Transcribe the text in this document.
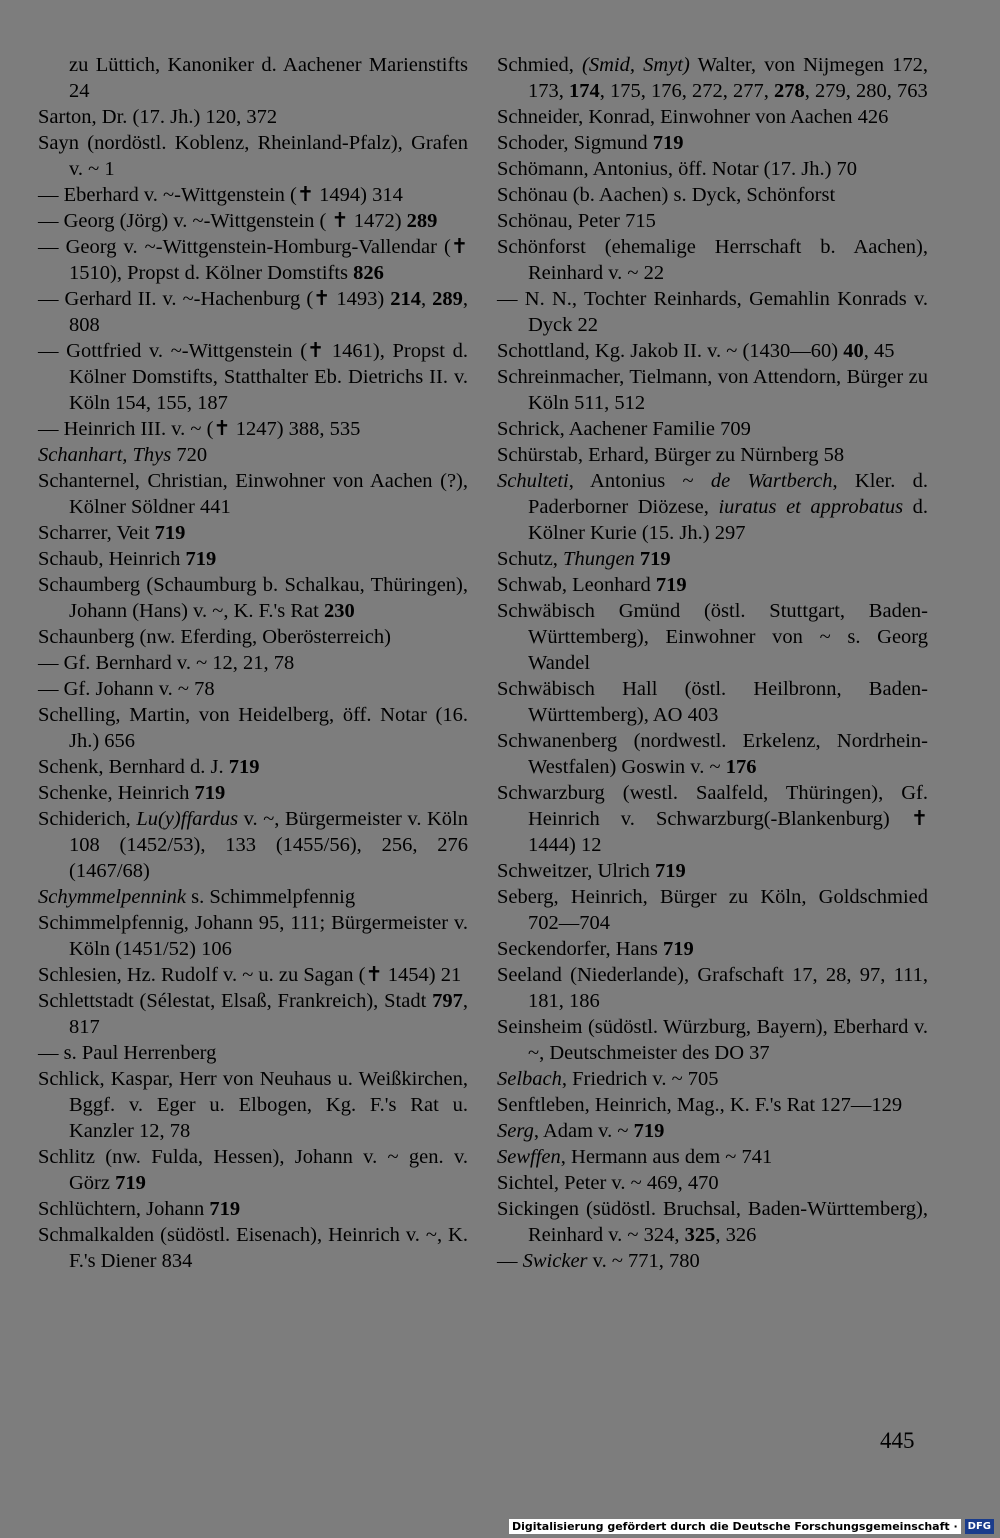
zu Lüttich, Kanoniker d. Aachener Marienstifts 24

Sarton, Dr. (17. Jh.) 120, 372

Sayn (nordöstl. Koblenz, Rheinland-Pfalz), Grafen v. ~ 1

— Eberhard v. ~-Wittgenstein (✝ 1494) 314

— Georg (Jörg) v. ~-Wittgenstein ( ✝ 1472) 289

— Georg v. ~-Wittgenstein-Homburg-Vallendar (✝ 1510), Propst d. Kölner Domstifts 826

— Gerhard II. v. ~-Hachenburg (✝ 1493) 214, 289, 808

— Gottfried v. ~-Wittgenstein (✝ 1461), Propst d. Kölner Domstifts, Statthalter Eb. Dietrichs II. v. Köln 154, 155, 187

— Heinrich III. v. ~ (✝ 1247) 388, 535

Schanhart, Thys 720

Schanternel, Christian, Einwohner von Aachen (?), Kölner Söldner 441

Scharrer, Veit 719

Schaub, Heinrich 719

Schaumberg (Schaumburg b. Schalkau, Thüringen), Johann (Hans) v. ~, K. F.'s Rat 230

Schaunberg (nw. Eferding, Oberösterreich)

— Gf. Bernhard v. ~ 12, 21, 78

— Gf. Johann v. ~ 78

Schelling, Martin, von Heidelberg, öff. Notar (16. Jh.) 656

Schenk, Bernhard d. J. 719

Schenke, Heinrich 719

Schiderich, Lu(y)ffardus v. ~, Bürgermeister v. Köln 108 (1452/53), 133 (1455/56), 256, 276 (1467/68)

Schymmelpennink s. Schimmelpfennig

Schimmelpfennig, Johann 95, 111; Bürgermeister v. Köln (1451/52) 106

Schlesien, Hz. Rudolf v. ~ u. zu Sagan (✝ 1454) 21

Schlettstadt (Sélestat, Elsaß, Frankreich), Stadt 797, 817

— s. Paul Herrenberg

Schlick, Kaspar, Herr von Neuhaus u. Weißkirchen, Bggf. v. Eger u. Elbogen, Kg. F.'s Rat u. Kanzler 12, 78

Schlitz (nw. Fulda, Hessen), Johann v. ~ gen. v. Görz 719

Schlüchtern, Johann 719

Schmalkalden (südöstl. Eisenach), Heinrich v. ~, K. F.'s Diener 834

Schmied, (Smid, Smyt) Walter, von Nijmegen 172, 173, 174, 175, 176, 272, 277, 278, 279, 280, 763

Schneider, Konrad, Einwohner von Aachen 426

Schoder, Sigmund 719

Schömann, Antonius, öff. Notar (17. Jh.) 70

Schönau (b. Aachen) s. Dyck, Schönforst

Schönau, Peter 715

Schönforst (ehemalige Herrschaft b. Aachen), Reinhard v. ~ 22

— N. N., Tochter Reinhards, Gemahlin Konrads v. Dyck 22

Schottland, Kg. Jakob II. v. ~ (1430—60) 40, 45

Schreinmacher, Tielmann, von Attendorn, Bürger zu Köln 511, 512

Schrick, Aachener Familie 709

Schürstab, Erhard, Bürger zu Nürnberg 58

Schulteti, Antonius ~ de Wartberch, Kler. d. Paderborner Diözese, iuratus et approbatus d. Kölner Kurie (15. Jh.) 297

Schutz, Thungen 719

Schwab, Leonhard 719

Schwäbisch Gmünd (östl. Stuttgart, Baden-Württemberg), Einwohner von ~ s. Georg Wandel

Schwäbisch Hall (östl. Heilbronn, Baden-Württemberg), AO 403

Schwanenberg (nordwestl. Erkelenz, Nordrhein-Westfalen) Goswin v. ~ 176

Schwarzburg (westl. Saalfeld, Thüringen), Gf. Heinrich v. Schwarzburg(-Blankenburg) ✝ 1444) 12

Schweitzer, Ulrich 719

Seberg, Heinrich, Bürger zu Köln, Goldschmied 702—704

Seckendorfer, Hans 719

Seeland (Niederlande), Grafschaft 17, 28, 97, 111, 181, 186

Seinsheim (südöstl. Würzburg, Bayern), Eberhard v. ~, Deutschmeister des DO 37

Selbach, Friedrich v. ~ 705

Senftleben, Heinrich, Mag., K. F.'s Rat 127—129

Serg, Adam v. ~ 719

Sewffen, Hermann aus dem ~ 741

Sichtel, Peter v. ~ 469, 470

Sickingen (südöstl. Bruchsal, Baden-Württemberg), Reinhard v. ~ 324, 325, 326

— Swicker v. ~ 771, 780

445
Digitalisierung gefördert durch die Deutsche Forschungsgemeinschaft ·	DFG
